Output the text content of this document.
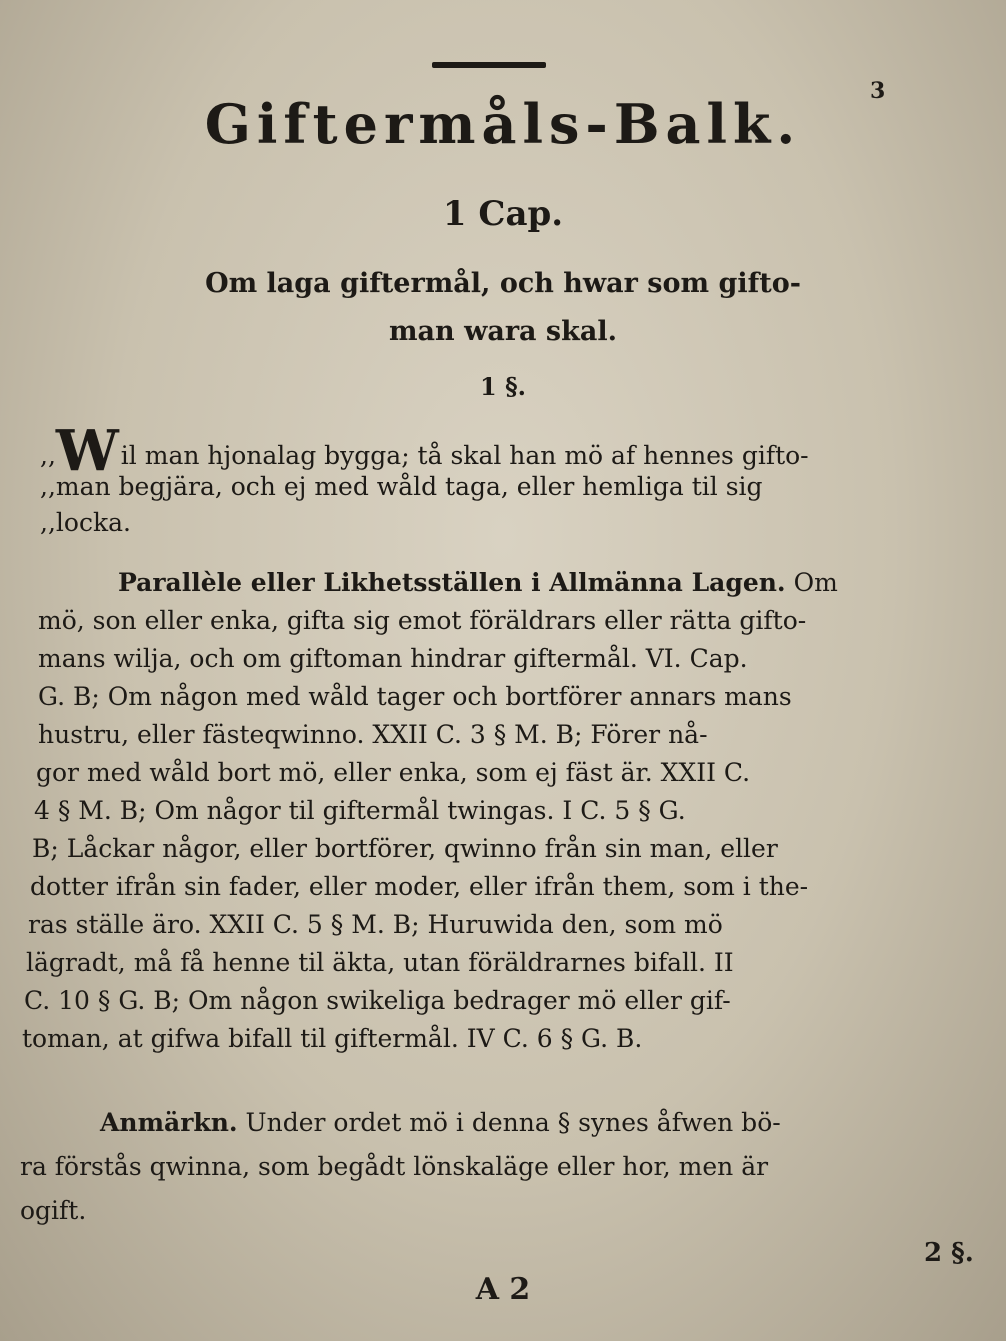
3
Giftermåls-Balk.
1 Cap.
Om laga giftermål, och hwar som gifto-
man wara skal.
1 §.
,,Wil man hjonalag bygga; tå skal han mö af hennes gifto-
,,man begjära, och ej med wåld taga, eller hemliga til sig
,,locka.
Parallèle eller Likhetsställen i Allmänna Lagen. Om
mö, son eller enka, gifta sig emot föräldrars eller rätta gifto-
mans wilja, och om giftoman hindrar giftermål. VI. Cap.
G. B; Om någon med wåld tager och bortförer annars mans
hustru, eller fästeqwinno. XXII C. 3 § M. B; Förer nå-
gor med wåld bort mö, eller enka, som ej fäst är. XXII C.
4 § M. B; Om någor til giftermål twingas. I C. 5 § G.
B; Låckar någor, eller bortförer, qwinno från sin man, eller
dotter ifrån sin fader, eller moder, eller ifrån them, som i the-
ras ställe äro. XXII C. 5 § M. B; Huruwida den, som mö
lägradt, må få henne til äkta, utan föräldrarnes bifall. II
C. 10 § G. B; Om någon swikeliga bedrager mö eller gif-
toman, at gifwa bifall til giftermål. IV C. 6 § G. B.
Anmärkn. Under ordet mö i denna § synes åfwen bö-
ra förstås qwinna, som begådt lönskaläge eller hor, men är
ogift.
2 §.
A 2
